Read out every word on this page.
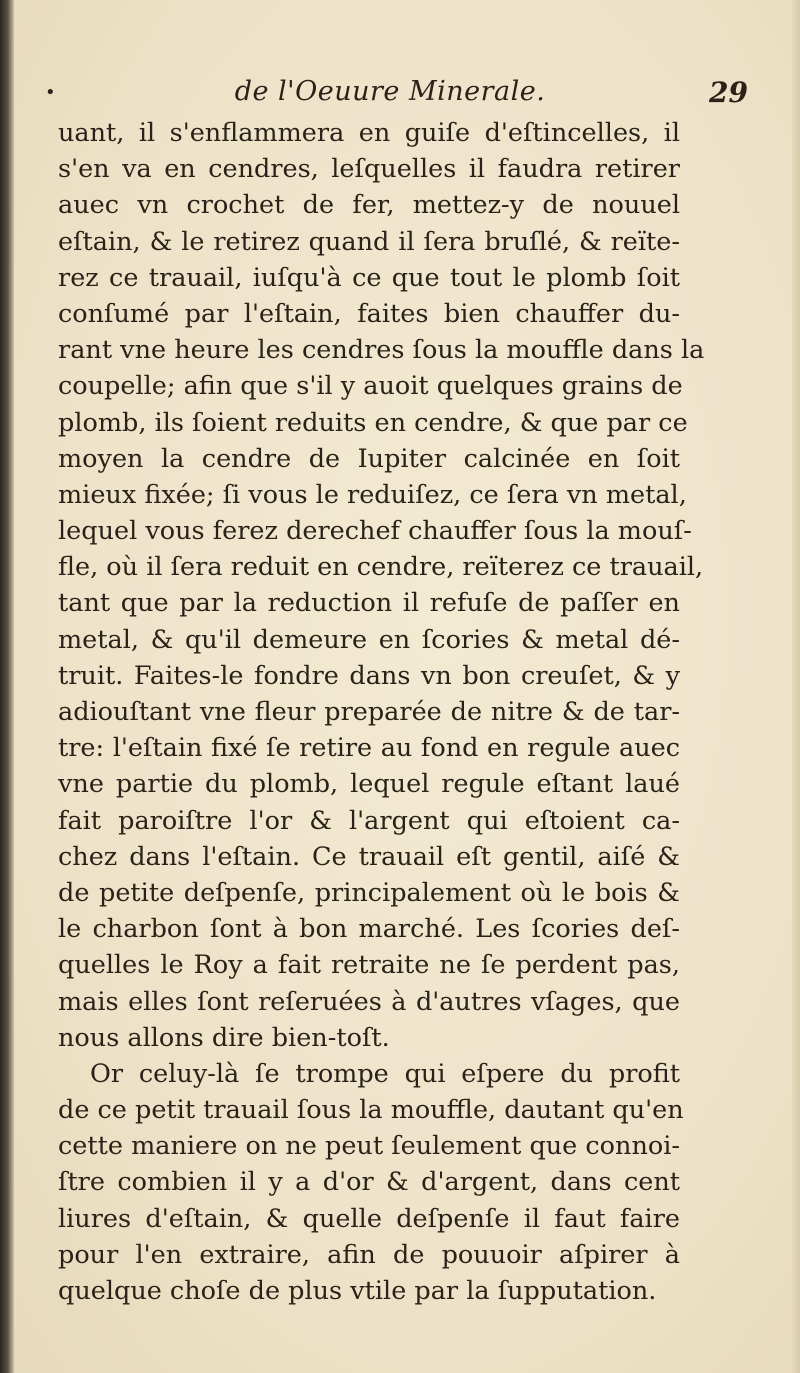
•	de l'Oeuure Minerale.	29
uant, il s'enflammera en guiſe d'eſtincelles, il
s'en va en cendres, leſquelles il faudra retirer
auec vn crochet de fer, mettez-y de nouuel
eſtain, & le retirez quand il ſera bruſlé, & reïte-
rez ce trauail, iuſqu'à ce que tout le plomb ſoit
conſumé par l'eſtain, faites bien chauffer du-
rant vne heure les cendres ſous la mouffle dans la
coupelle; afin que s'il y auoit quelques grains de
plomb, ils ſoient reduits en cendre, & que par ce
moyen la cendre de Iupiter calcinée en ſoit
mieux fixée; ſi vous le reduiſez, ce ſera vn metal,
lequel vous ferez derechef chauffer ſous la mouſ-
fle, où il ſera reduit en cendre, reïterez ce trauail,
tant que par la reduction il refuſe de paſſer en
metal, & qu'il demeure en ſcories & metal dé-
truit. Faites-le fondre dans vn bon creuſet, & y
adiouſtant vne fleur preparée de nitre & de tar-
tre: l'eſtain fixé ſe retire au fond en regule auec
vne partie du plomb, lequel regule eſtant laué
fait paroiſtre l'or & l'argent qui eſtoient ca-
chez dans l'eſtain. Ce trauail eſt gentil, aiſé &
de petite deſpenſe, principalement où le bois &
le charbon ſont à bon marché. Les ſcories deſ-
quelles le Roy a fait retraite ne ſe perdent pas,
mais elles ſont reſeruées à d'autres vſages, que
nous allons dire bien-toſt.
Or celuy-là ſe trompe qui eſpere du profit
de ce petit trauail ſous la mouffle, dautant qu'en
cette maniere on ne peut ſeulement que connoi-
ſtre combien il y a d'or & d'argent, dans cent
liures d'eſtain, & quelle deſpenſe il faut faire
pour l'en extraire, afin de pouuoir aſpirer à
quelque choſe de plus vtile par la ſupputation.
